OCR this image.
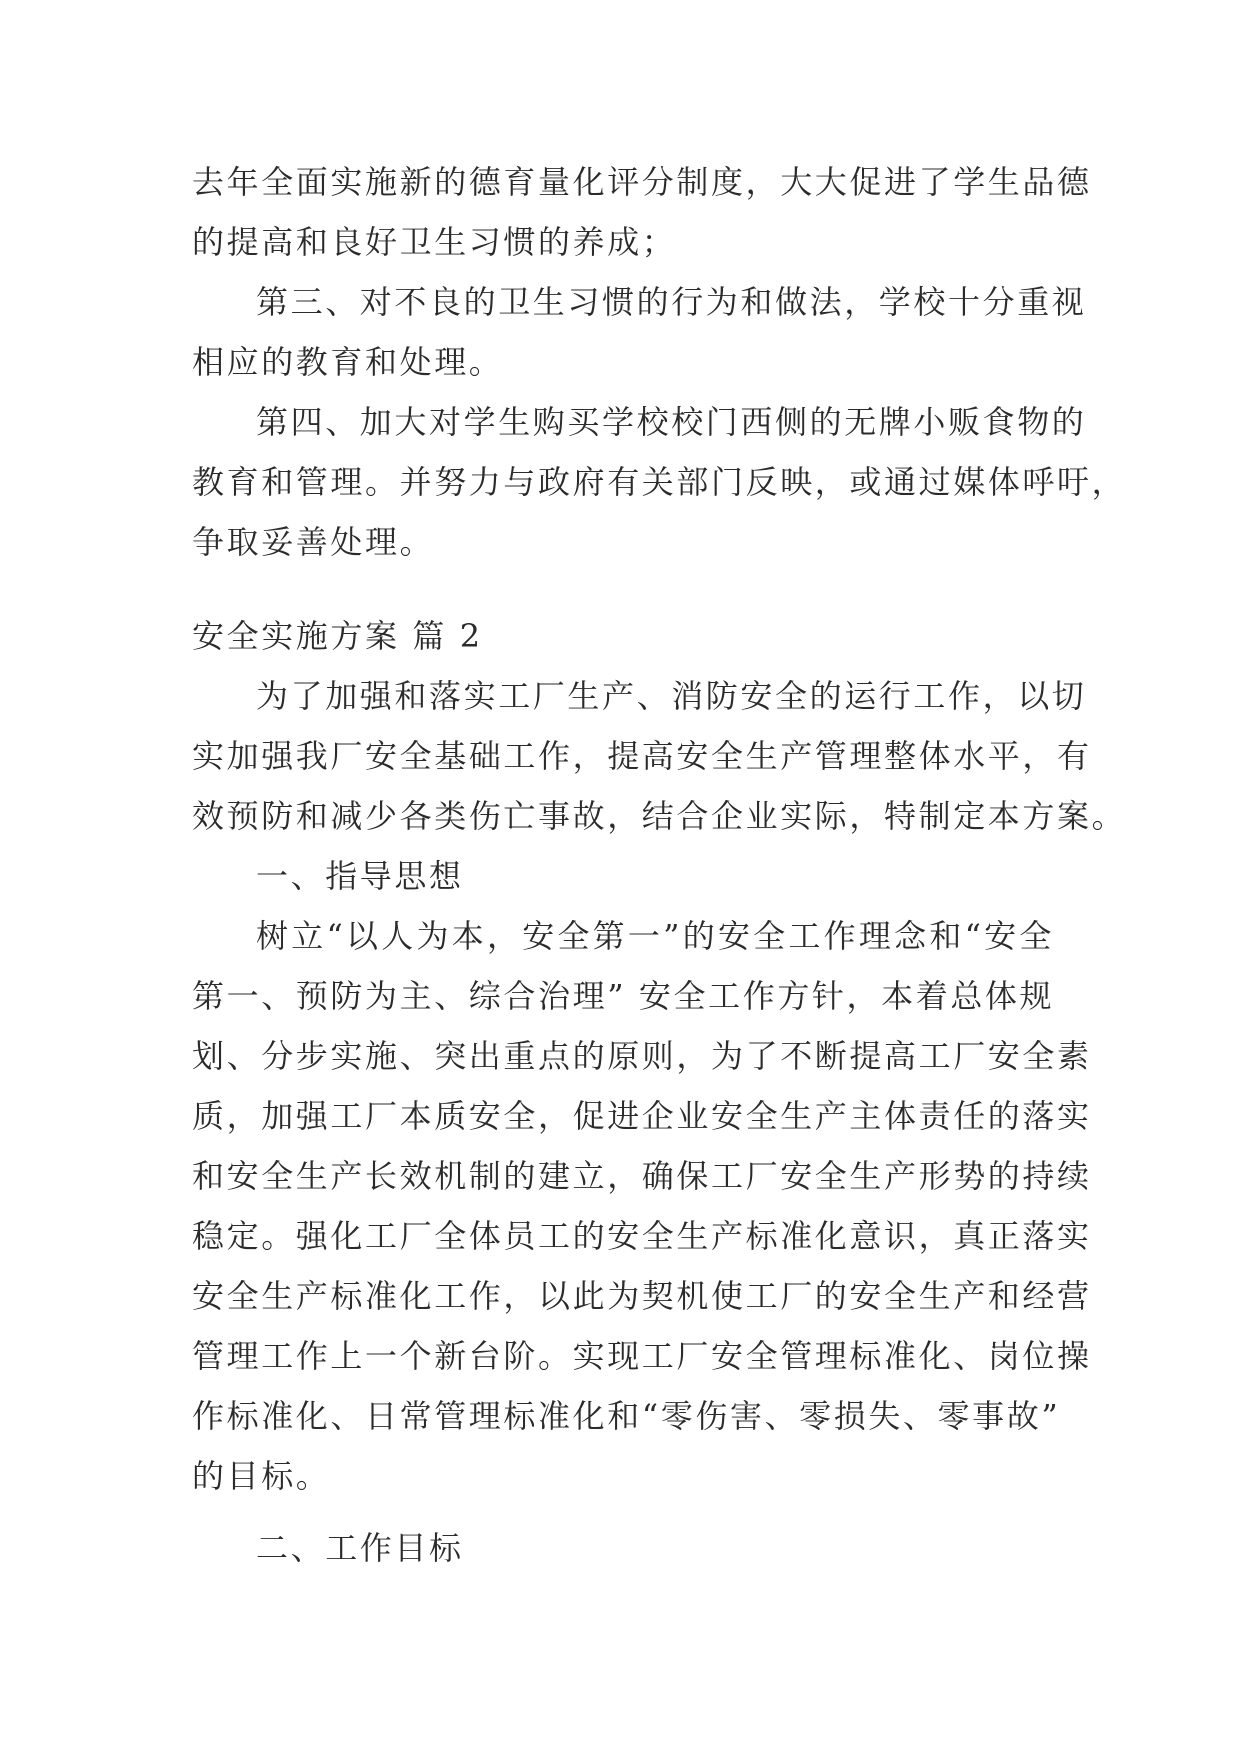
去年全面实施新的德育量化评分制度，大大促进了学生品德

的提高和良好卫生习惯的养成；

第三、对不良的卫生习惯的行为和做法，学校十分重视

相应的教育和处理。

第四、加大对学生购买学校校门西侧的无牌小贩食物的

教育和管理。并努力与政府有关部门反映，或通过媒体呼吁，

争取妥善处理。

安全实施方案 篇 2

为了加强和落实工厂生产、消防安全的运行工作，以切

实加强我厂安全基础工作，提高安全生产管理整体水平，有

效预防和减少各类伤亡事故，结合企业实际，特制定本方案。

一、指导思想

树立“以人为本，安全第一”的安全工作理念和“安全

第一、预防为主、综合治理” 安全工作方针，本着总体规

划、分步实施、突出重点的原则，为了不断提高工厂安全素

质，加强工厂本质安全，促进企业安全生产主体责任的落实

和安全生产长效机制的建立，确保工厂安全生产形势的持续

稳定。强化工厂全体员工的安全生产标准化意识，真正落实

安全生产标准化工作，以此为契机使工厂的安全生产和经营

管理工作上一个新台阶。实现工厂安全管理标准化、岗位操

作标准化、日常管理标准化和“零伤害、零损失、零事故”

的目标。

二、工作目标
